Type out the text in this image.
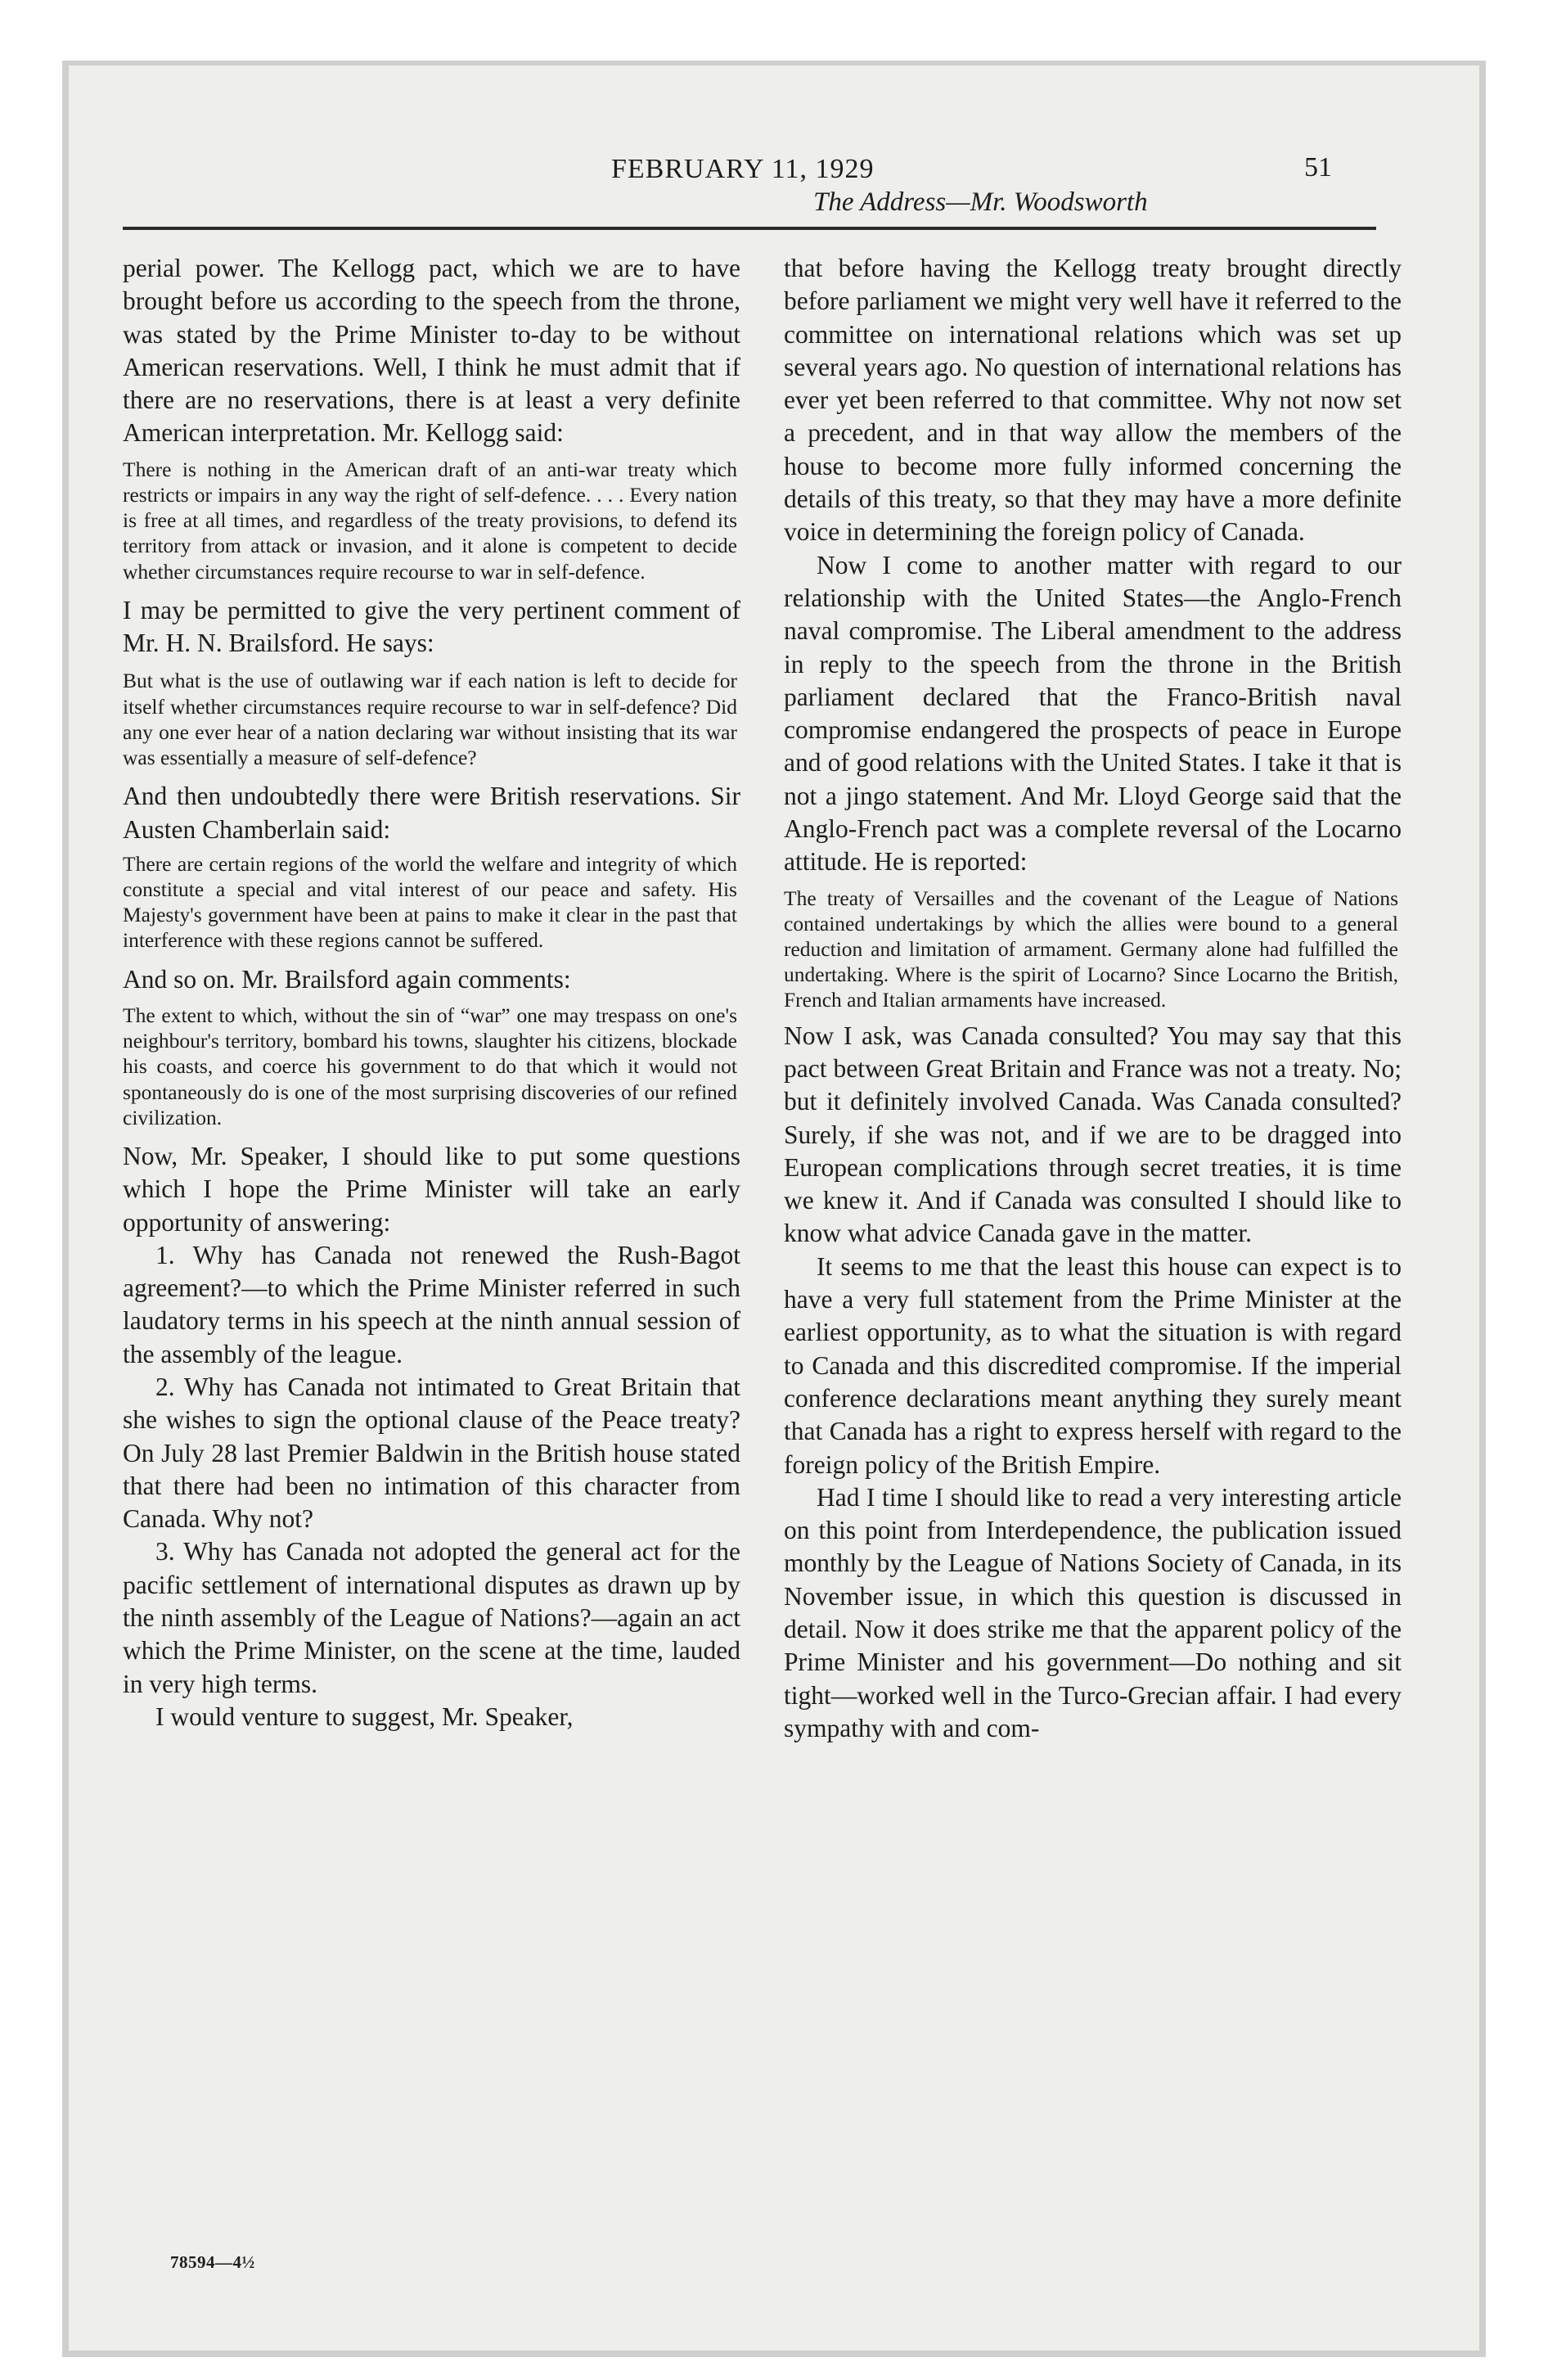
FEBRUARY 11, 1929	51
The Address—Mr. Woodsworth

perial power. The Kellogg pact, which we are to have brought before us according to the speech from the throne, was stated by the Prime Minister to-day to be without American reservations. Well, I think he must admit that if there are no reservations, there is at least a very definite American interpretation. Mr. Kellogg said:

There is nothing in the American draft of an anti-war treaty which restricts or impairs in any way the right of self-defence. . . . Every nation is free at all times, and regardless of the treaty provisions, to defend its territory from attack or invasion, and it alone is competent to decide whether circumstances require recourse to war in self-defence.

I may be permitted to give the very pertinent comment of Mr. H. N. Brailsford. He says:

But what is the use of outlawing war if each nation is left to decide for itself whether circumstances require recourse to war in self-defence? Did any one ever hear of a nation declaring war without insisting that its war was essentially a measure of self-defence?

And then undoubtedly there were British reservations. Sir Austen Chamberlain said:

There are certain regions of the world the welfare and integrity of which constitute a special and vital interest of our peace and safety. His Majesty's government have been at pains to make it clear in the past that interference with these regions cannot be suffered.

And so on. Mr. Brailsford again comments:

The extent to which, without the sin of “war” one may trespass on one's neighbour's territory, bombard his towns, slaughter his citizens, blockade his coasts, and coerce his government to do that which it would not spontaneously do is one of the most surprising discoveries of our refined civilization.

Now, Mr. Speaker, I should like to put some questions which I hope the Prime Minister will take an early opportunity of answering:

1. Why has Canada not renewed the Rush-Bagot agreement?—to which the Prime Minister referred in such laudatory terms in his speech at the ninth annual session of the assembly of the league.

2. Why has Canada not intimated to Great Britain that she wishes to sign the optional clause of the Peace treaty? On July 28 last Premier Baldwin in the British house stated that there had been no intimation of this character from Canada. Why not?

3. Why has Canada not adopted the general act for the pacific settlement of international disputes as drawn up by the ninth assembly of the League of Nations?—again an act which the Prime Minister, on the scene at the time, lauded in very high terms.

I would venture to suggest, Mr. Speaker,

that before having the Kellogg treaty brought directly before parliament we might very well have it referred to the committee on international relations which was set up several years ago. No question of international relations has ever yet been referred to that committee. Why not now set a precedent, and in that way allow the members of the house to become more fully informed concerning the details of this treaty, so that they may have a more definite voice in determining the foreign policy of Canada.

Now I come to another matter with regard to our relationship with the United States—the Anglo-French naval compromise. The Liberal amendment to the address in reply to the speech from the throne in the British parliament declared that the Franco-British naval compromise endangered the prospects of peace in Europe and of good relations with the United States. I take it that is not a jingo statement. And Mr. Lloyd George said that the Anglo-French pact was a complete reversal of the Locarno attitude. He is reported:

The treaty of Versailles and the covenant of the League of Nations contained undertakings by which the allies were bound to a general reduction and limitation of armament. Germany alone had fulfilled the undertaking. Where is the spirit of Locarno? Since Locarno the British, French and Italian armaments have increased.

Now I ask, was Canada consulted? You may say that this pact between Great Britain and France was not a treaty. No; but it definitely involved Canada. Was Canada consulted? Surely, if she was not, and if we are to be dragged into European complications through secret treaties, it is time we knew it. And if Canada was consulted I should like to know what advice Canada gave in the matter.

It seems to me that the least this house can expect is to have a very full statement from the Prime Minister at the earliest opportunity, as to what the situation is with regard to Canada and this discredited compromise. If the imperial conference declarations meant anything they surely meant that Canada has a right to express herself with regard to the foreign policy of the British Empire.

Had I time I should like to read a very interesting article on this point from Interdependence, the publication issued monthly by the League of Nations Society of Canada, in its November issue, in which this question is discussed in detail. Now it does strike me that the apparent policy of the Prime Minister and his government—Do nothing and sit tight—worked well in the Turco-Grecian affair. I had every sympathy with and com-

78594—4½
